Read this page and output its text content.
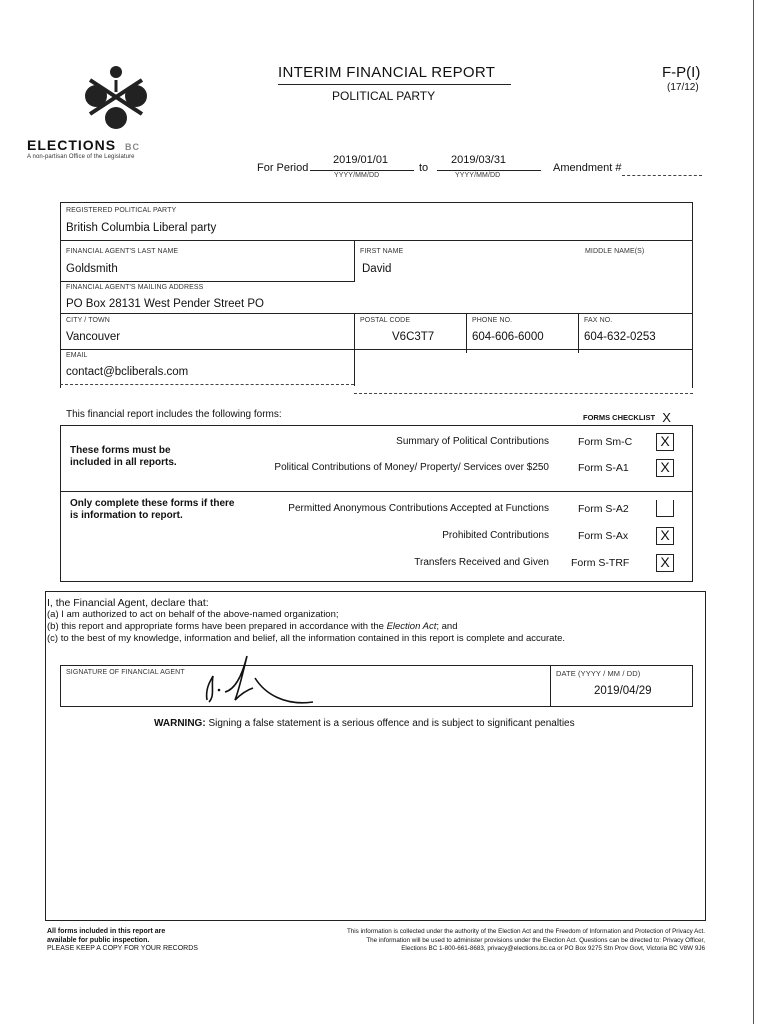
ELECTIONS BC
A non-partisan Office of the Legislature
INTERIM FINANCIAL REPORT
POLITICAL PARTY
F-P(I)
(17/12)
For Period
2019/01/01
YYYY/MM/DD
to
2019/03/31
YYYY/MM/DD
Amendment #
REGISTERED POLITICAL PARTY
British Columbia Liberal party
FINANCIAL AGENT'S LAST NAME
Goldsmith
FIRST NAME
David
MIDDLE NAME(S)
FINANCIAL AGENT'S MAILING ADDRESS
PO Box 28131 West Pender Street PO
CITY / TOWN
Vancouver
POSTAL CODE
V6C3T7
PHONE NO.
604-606-6000
FAX NO.
604-632-0253
EMAIL
contact@bcliberals.com
This financial report includes the following forms:	FORMS CHECKLIST X
These forms must be included in all reports.
Summary of Political Contributions	Form Sm-C	X
Political Contributions of Money/ Property/ Services over $250	Form S-A1	X
Only complete these forms if there is information to report.
Permitted Anonymous Contributions Accepted at Functions	Form S-A2
Prohibited Contributions	Form S-Ax	X
Transfers Received and Given Form S-TRF	X
I, the Financial Agent, declare that:
(a) I am authorized to act on behalf of the above-named organization;
(b) this report and appropriate forms have been prepared in accordance with the Election Act; and
(c) to the best of my knowledge, information and belief, all the information contained in this report is complete and accurate.
SIGNATURE OF FINANCIAL AGENT	DATE (YYYY / MM / DD)
2019/04/29
WARNING: Signing a false statement is a serious offence and is subject to significant penalties
All forms included in this report are
available for public inspection.
PLEASE KEEP A COPY FOR YOUR RECORDS
This information is collected under the authority of the Election Act and the Freedom of Information and Protection of Privacy Act.
The information will be used to administer provisions under the Election Act. Questions can be directed to: Privacy Officer,
Elections BC 1-800-661-8683, privacy@elections.bc.ca or PO Box 9275 Stn Prov Govt, Victoria BC V8W 9J6
